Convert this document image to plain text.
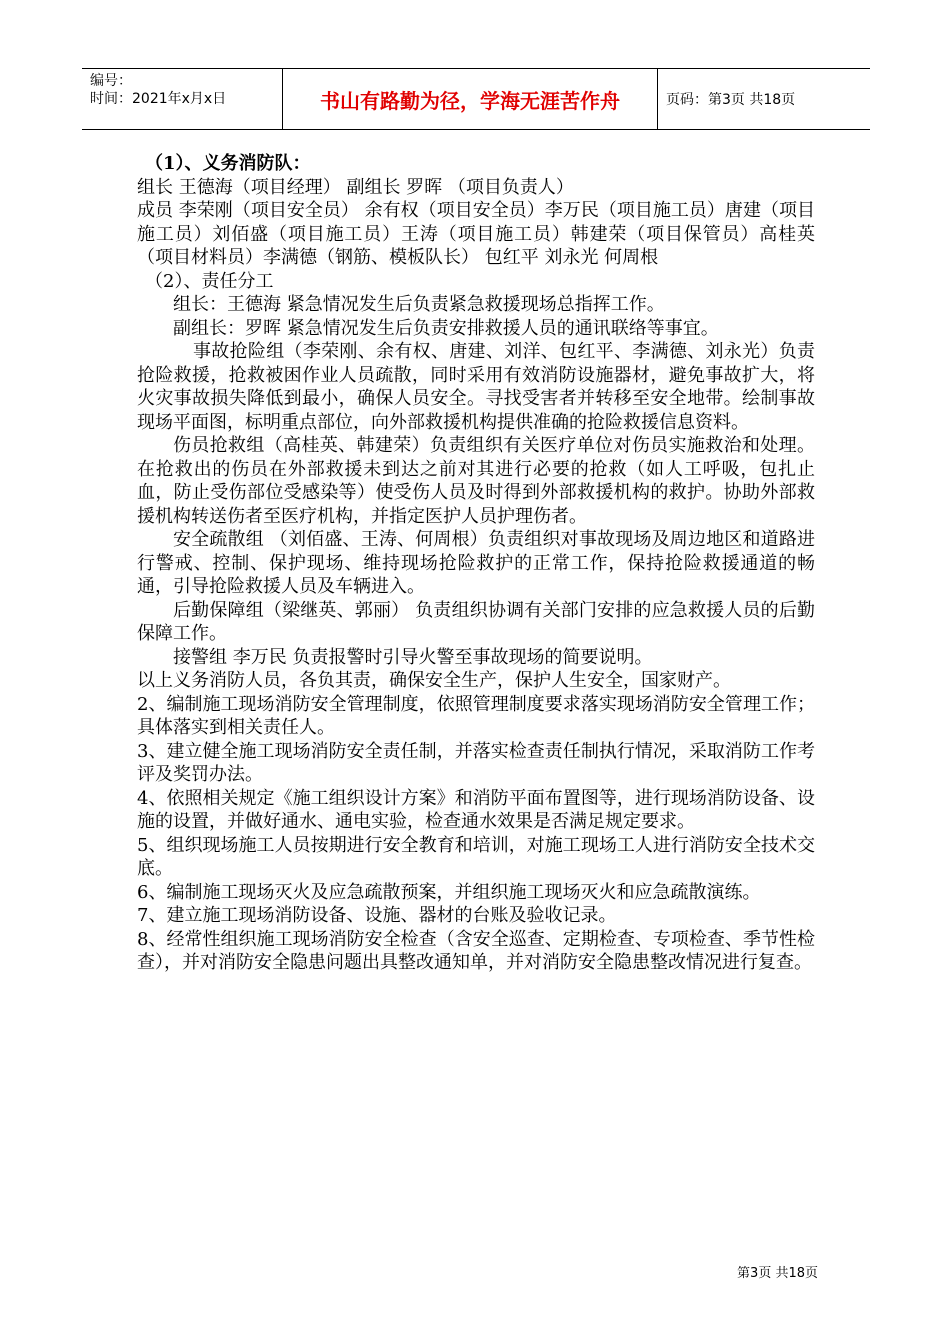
编号：
时间：2021年x月x日	书山有路勤为径，学海无涯苦作舟	页码：第3页 共18页

（1）、义务消防队：

组长 王德海（项目经理） 副组长 罗晖 （项目负责人）

成员 李荣刚（项目安全员） 余有权（项目安全员）李万民（项目施工员）唐建（项目施工员）刘佰盛（项目施工员）王涛（项目施工员）韩建荣（项目保管员）高桂英（项目材料员）李满德（钢筋、模板队长） 包红平 刘永光 何周根

（2）、责任分工

组长：王德海 紧急情况发生后负责紧急救援现场总指挥工作。

副组长：罗晖 紧急情况发生后负责安排救援人员的通讯联络等事宜。

事故抢险组（李荣刚、余有权、唐建、刘洋、包红平、李满德、刘永光）负责抢险救援，抢救被困作业人员疏散，同时采用有效消防设施器材，避免事故扩大，将火灾事故损失降低到最小，确保人员安全。寻找受害者并转移至安全地带。绘制事故现场平面图，标明重点部位，向外部救援机构提供准确的抢险救援信息资料。

伤员抢救组（高桂英、韩建荣）负责组织有关医疗单位对伤员实施救治和处理。在抢救出的伤员在外部救援未到达之前对其进行必要的抢救（如人工呼吸，包扎止血，防止受伤部位受感染等）使受伤人员及时得到外部救援机构的救护。协助外部救援机构转送伤者至医疗机构，并指定医护人员护理伤者。

安全疏散组 （刘佰盛、王涛、何周根）负责组织对事故现场及周边地区和道路进行警戒、控制、保护现场、维持现场抢险救护的正常工作，保持抢险救援通道的畅通，引导抢险救援人员及车辆进入。

后勤保障组（梁继英、郭丽） 负责组织协调有关部门安排的应急救援人员的后勤保障工作。

接警组 李万民 负责报警时引导火警至事故现场的简要说明。

以上义务消防人员，各负其责，确保安全生产，保护人生安全，国家财产。

2、编制施工现场消防安全管理制度，依照管理制度要求落实现场消防安全管理工作；具体落实到相关责任人。

3、建立健全施工现场消防安全责任制，并落实检查责任制执行情况，采取消防工作考评及奖罚办法。

4、依照相关规定《施工组织设计方案》和消防平面布置图等，进行现场消防设备、设施的设置，并做好通水、通电实验，检查通水效果是否满足规定要求。

5、组织现场施工人员按期进行安全教育和培训，对施工现场工人进行消防安全技术交底。

6、编制施工现场灭火及应急疏散预案，并组织施工现场灭火和应急疏散演练。

7、建立施工现场消防设备、设施、器材的台账及验收记录。

8、经常性组织施工现场消防安全检查（含安全巡查、定期检查、专项检查、季节性检查），并对消防安全隐患问题出具整改通知单，并对消防安全隐患整改情况进行复查。

第3页 共18页
